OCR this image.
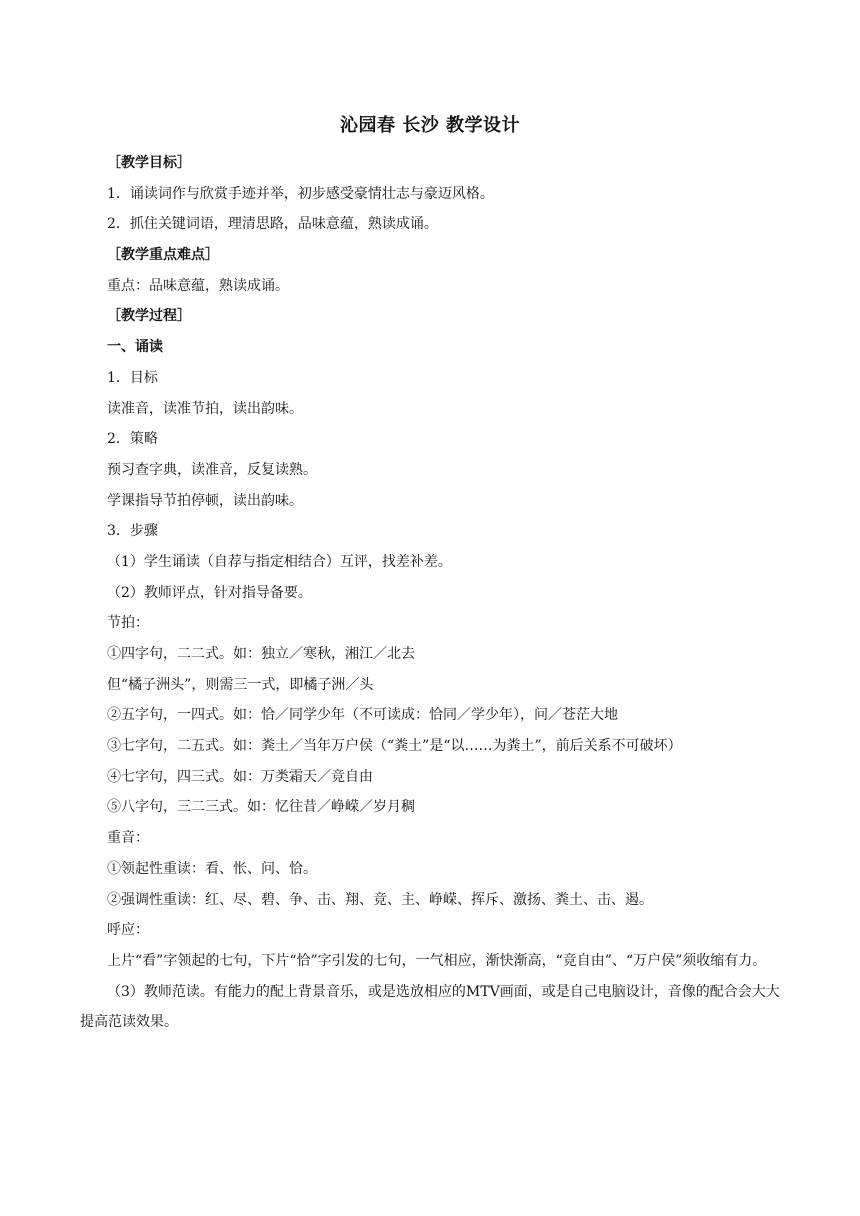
沁园春 长沙 教学设计
［教学目标］
1．诵读词作与欣赏手迹并举，初步感受豪情壮志与豪迈风格。
2．抓住关键词语，理清思路，品味意蕴，熟读成诵。
［教学重点难点］
重点：品味意蕴，熟读成诵。
［教学过程］
一、诵读
1．目标
读准音，读准节拍，读出韵味。
2．策略
预习查字典，读准音，反复读熟。
学课指导节拍停顿，读出韵味。
3．步骤
（1）学生诵读（自荐与指定相结合）互评，找差补差。
（2）教师评点，针对指导备要。
节拍：
①四字句，二二式。如：独立／寒秋，湘江／北去
但“橘子洲头”，则需三一式，即橘子洲／头
②五字句，一四式。如：恰／同学少年（不可读成：恰同／学少年），问／苍茫大地
③七字句，二五式。如：粪土／当年万户侯（“粪土”是“以……为粪土”，前后关系不可破坏）
④七字句，四三式。如：万类霜天／竞自由
⑤八字句，三二三式。如：忆往昔／峥嵘／岁月稠
重音：
①领起性重读：看、怅、问、恰。
②强调性重读：红、尽、碧、争、击、翔、竞、主、峥嵘、挥斥、激扬、粪土、击、遏。
呼应：
上片“看”字领起的七句，下片“恰”字引发的七句，一气相应，渐快渐高，“竞自由”、“万户侯”须收缩有力。
（3）教师范读。有能力的配上背景音乐，或是选放相应的MTV画面，或是自己电脑设计，音像的配合会大大提高范读效果。
